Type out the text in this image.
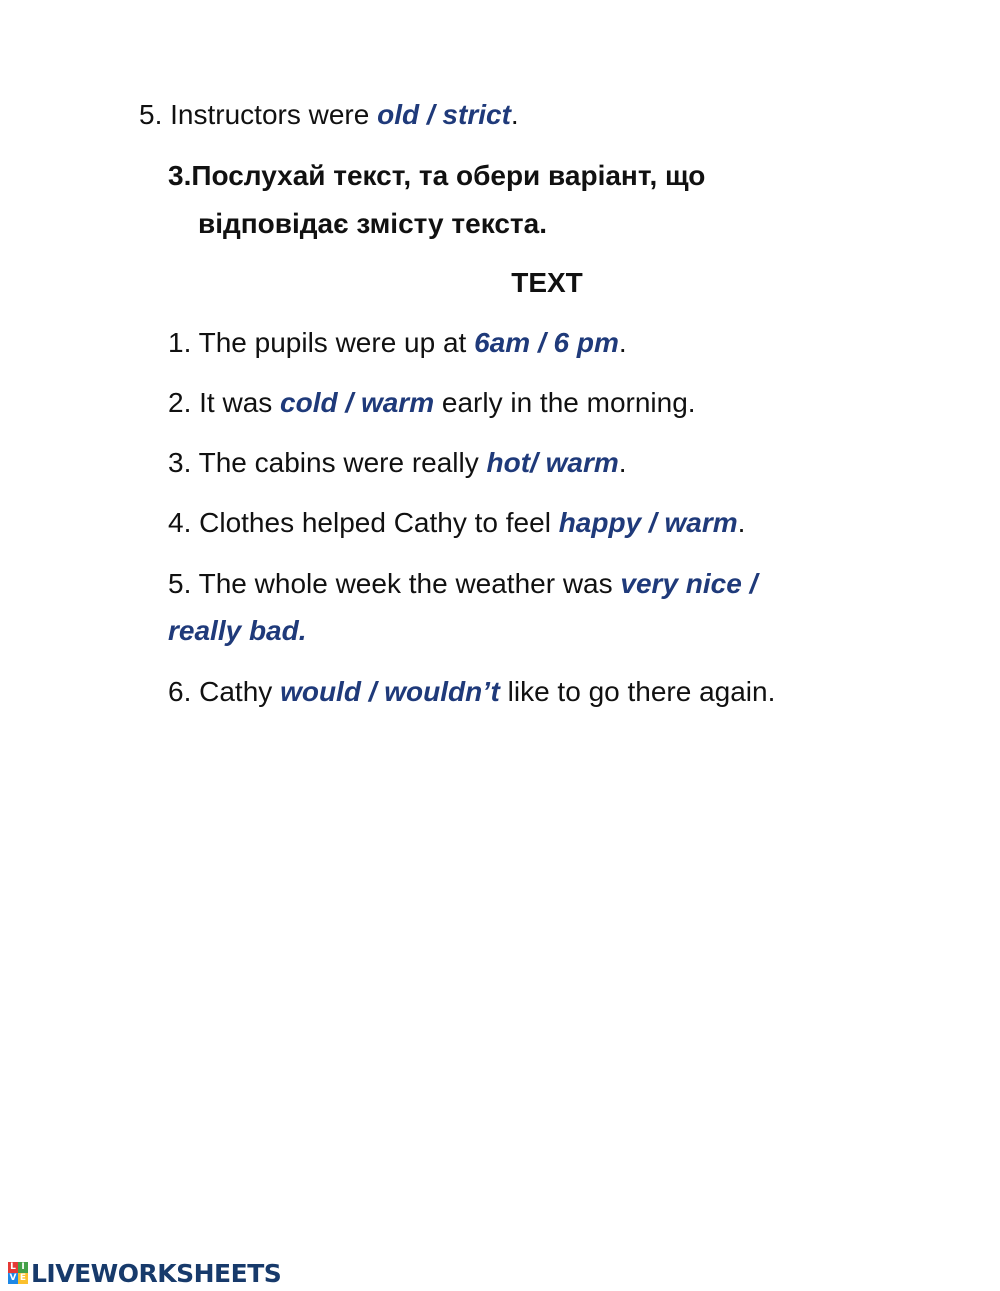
5. Instructors were old / strict.
3.Послухай текст, та обери варіант, що
відповідає змісту текста.
TEXT
1. The pupils were up at 6am / 6 pm.
2. It was cold / warm early in the morning.
3. The cabins were really hot/ warm.
4. Clothes helped Cathy to feel happy / warm.
5. The whole week the weather was very nice /
really bad.
6. Cathy would / wouldn’t like to go there again.
L I
V E LIVEWORKSHEETS
